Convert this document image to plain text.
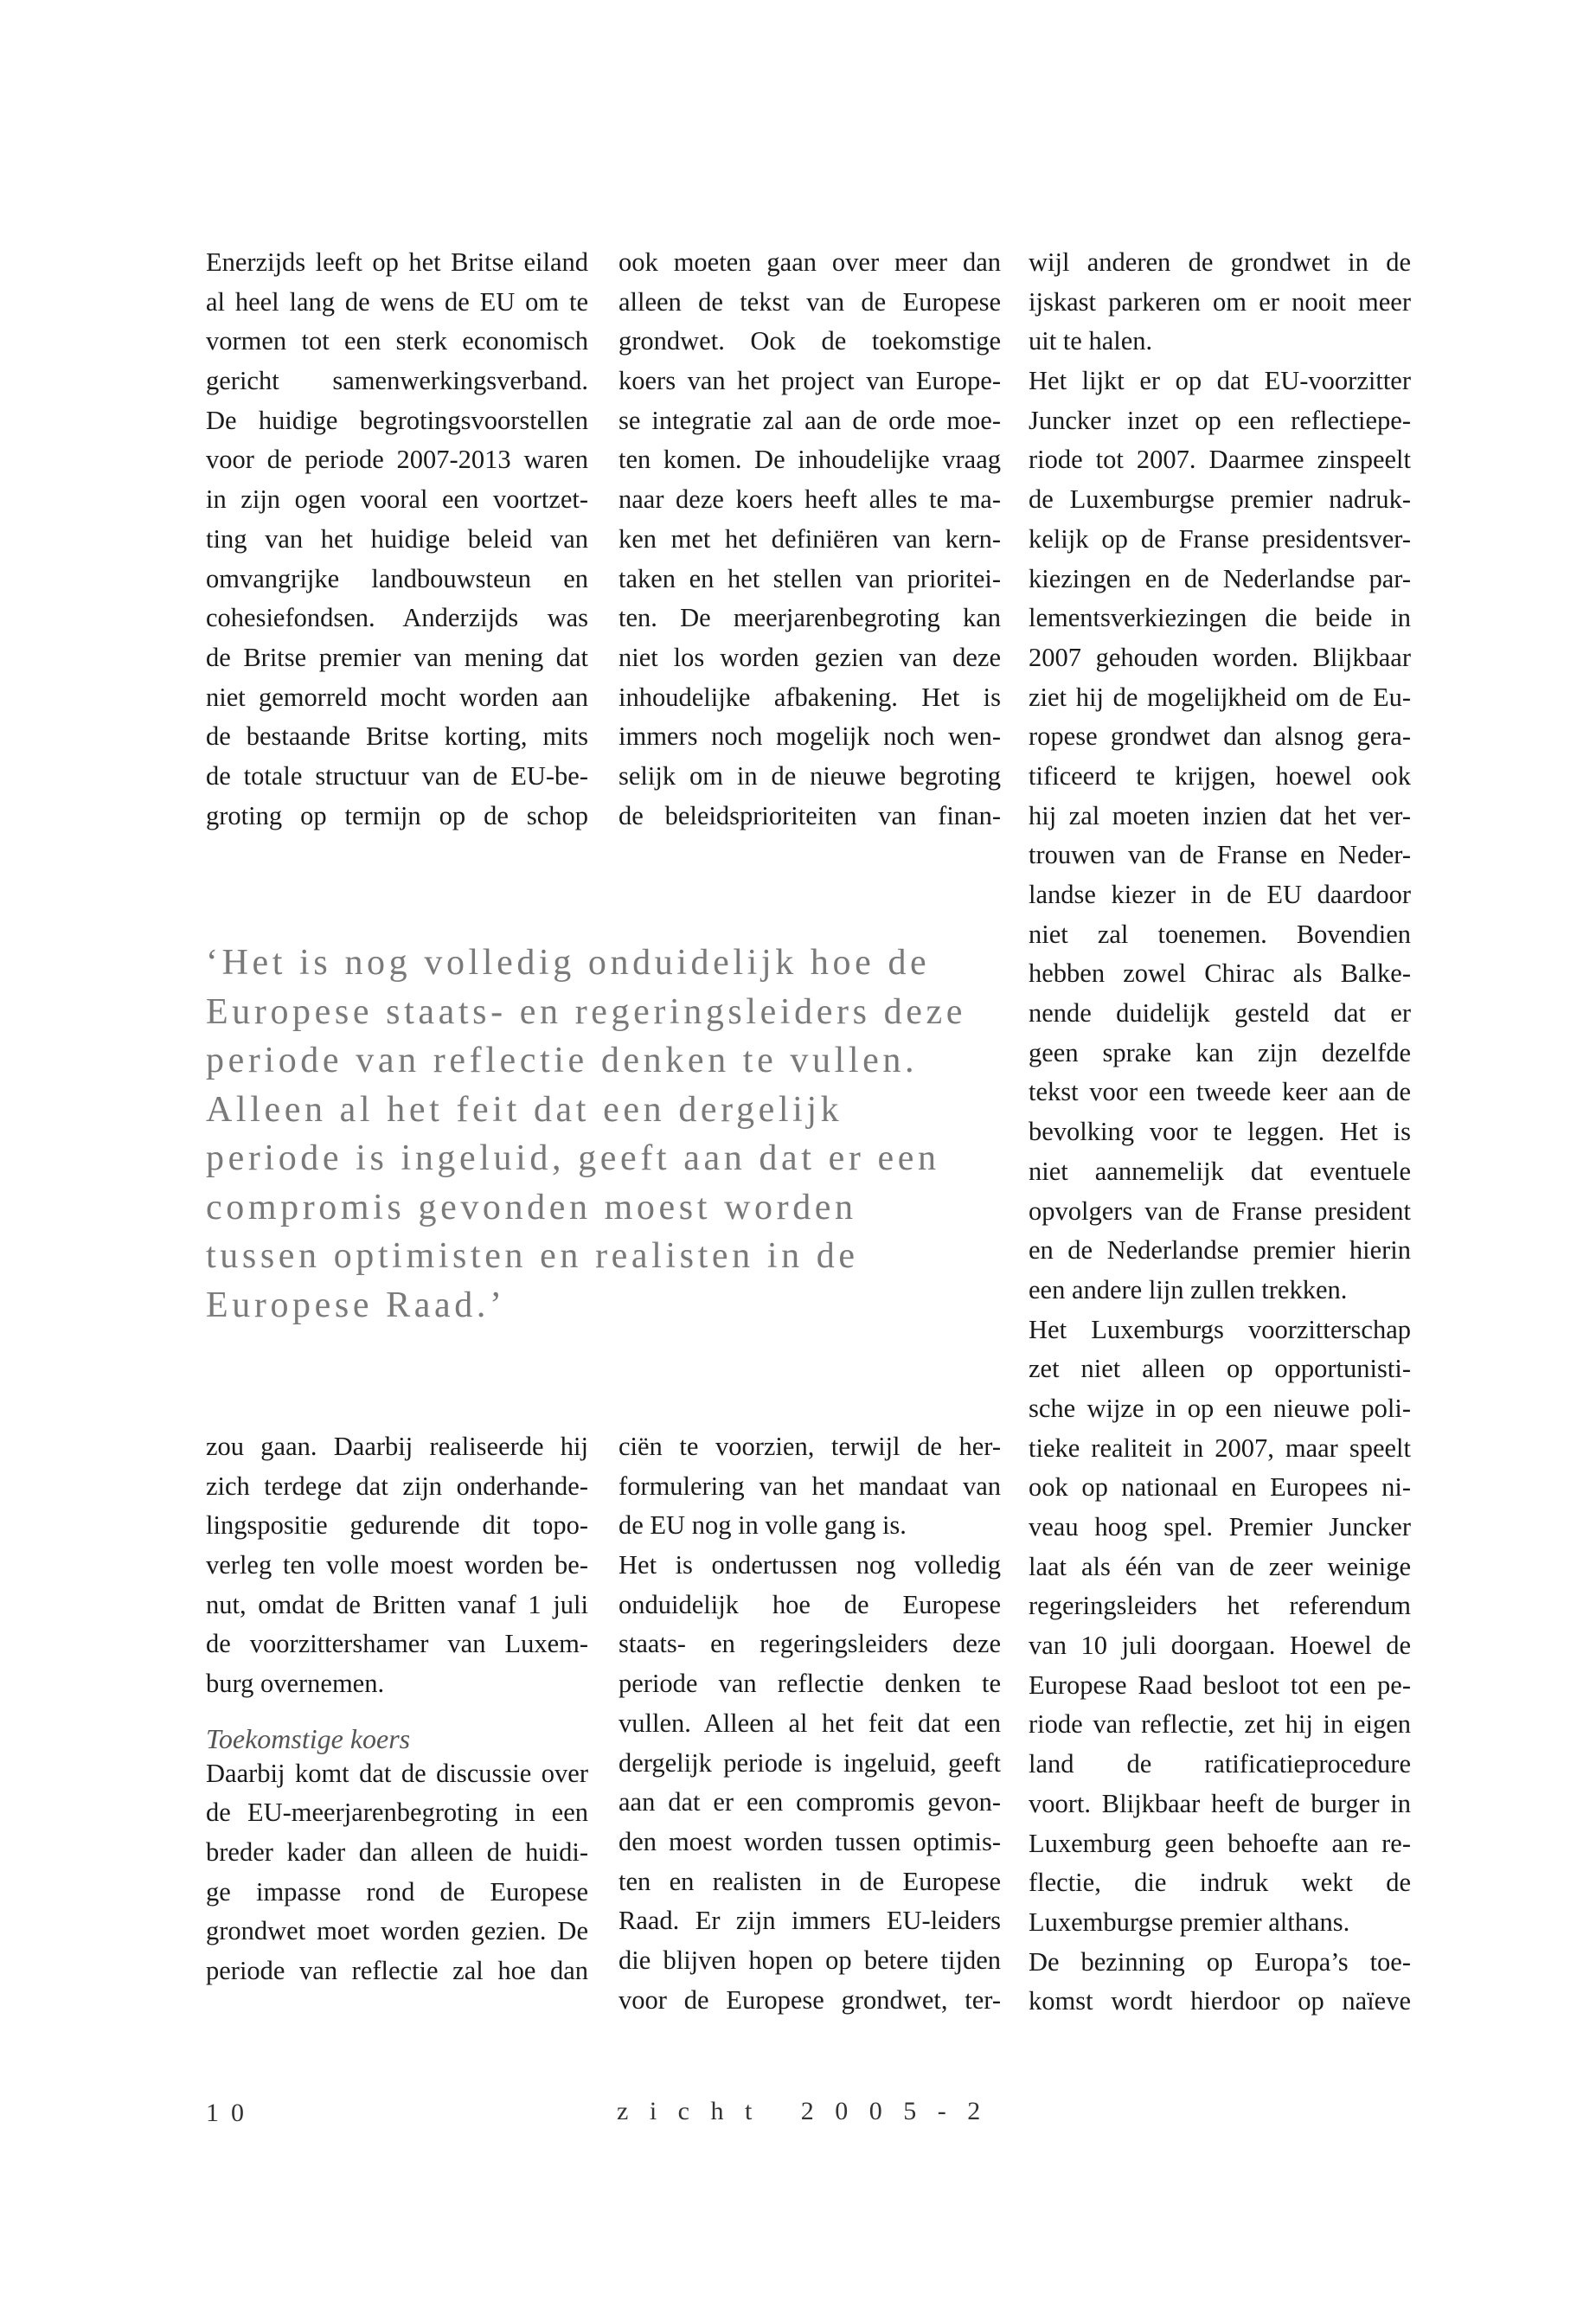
Enerzijds leeft op het Britse eiland
al heel lang de wens de EU om te
vormen tot een sterk economisch
gericht samenwerkingsverband.
De huidige begrotingsvoorstellen
voor de periode 2007-2013 waren
in zijn ogen vooral een voortzet-
ting van het huidige beleid van
omvangrijke landbouwsteun en
cohesiefondsen. Anderzijds was
de Britse premier van mening dat
niet gemorreld mocht worden aan
de bestaande Britse korting, mits
de totale structuur van de EU-be-
groting op termijn op de schop
ook moeten gaan over meer dan
alleen de tekst van de Europese
grondwet. Ook de toekomstige
koers van het project van Europe-
se integratie zal aan de orde moe-
ten komen. De inhoudelijke vraag
naar deze koers heeft alles te ma-
ken met het definiëren van kern-
taken en het stellen van prioritei-
ten. De meerjarenbegroting kan
niet los worden gezien van deze
inhoudelijke afbakening. Het is
immers noch mogelijk noch wen-
selijk om in de nieuwe begroting
de beleidsprioriteiten van finan-
wijl anderen de grondwet in de
ijskast parkeren om er nooit meer
uit te halen.
Het lijkt er op dat EU-voorzitter
Juncker inzet op een reflectiepe-
riode tot 2007. Daarmee zinspeelt
de Luxemburgse premier nadruk-
kelijk op de Franse presidentsver-
kiezingen en de Nederlandse par-
lementsverkiezingen die beide in
2007 gehouden worden. Blijkbaar
ziet hij de mogelijkheid om de Eu-
ropese grondwet dan alsnog gera-
tificeerd te krijgen, hoewel ook
hij zal moeten inzien dat het ver-
trouwen van de Franse en Neder-
landse kiezer in de EU daardoor
niet zal toenemen. Bovendien
hebben zowel Chirac als Balke-
nende duidelijk gesteld dat er
geen sprake kan zijn dezelfde
tekst voor een tweede keer aan de
bevolking voor te leggen. Het is
niet aannemelijk dat eventuele
opvolgers van de Franse president
en de Nederlandse premier hierin
een andere lijn zullen trekken.
Het Luxemburgs voorzitterschap
zet niet alleen op opportunisti-
sche wijze in op een nieuwe poli-
tieke realiteit in 2007, maar speelt
ook op nationaal en Europees ni-
veau hoog spel. Premier Juncker
laat als één van de zeer weinige
regeringsleiders het referendum
van 10 juli doorgaan. Hoewel de
Europese Raad besloot tot een pe-
riode van reflectie, zet hij in eigen
land de ratificatieprocedure
voort. Blijkbaar heeft de burger in
Luxemburg geen behoefte aan re-
flectie, die indruk wekt de
Luxemburgse premier althans.
De bezinning op Europa’s toe-
komst wordt hierdoor op naïeve
‘Het is nog volledig onduidelijk hoe de
Europese staats- en regeringsleiders deze
periode van reflectie denken te vullen.
Alleen al het feit dat een dergelijk
periode is ingeluid, geeft aan dat er een
compromis gevonden moest worden
tussen optimisten en realisten in de
Europese Raad.’
zou gaan. Daarbij realiseerde hij
zich terdege dat zijn onderhande-
lingspositie gedurende dit topo-
verleg ten volle moest worden be-
nut, omdat de Britten vanaf 1 juli
de voorzittershamer van Luxem-
burg overnemen.
Toekomstige koers
Daarbij komt dat de discussie over
de EU-meerjarenbegroting in een
breder kader dan alleen de huidi-
ge impasse rond de Europese
grondwet moet worden gezien. De
periode van reflectie zal hoe dan
ciën te voorzien, terwijl de her-
formulering van het mandaat van
de EU nog in volle gang is.
Het is ondertussen nog volledig
onduidelijk hoe de Europese
staats- en regeringsleiders deze
periode van reflectie denken te
vullen. Alleen al het feit dat een
dergelijk periode is ingeluid, geeft
aan dat er een compromis gevon-
den moest worden tussen optimis-
ten en realisten in de Europese
Raad. Er zijn immers EU-leiders
die blijven hopen op betere tijden
voor de Europese grondwet, ter-
10	zicht 2005-2
